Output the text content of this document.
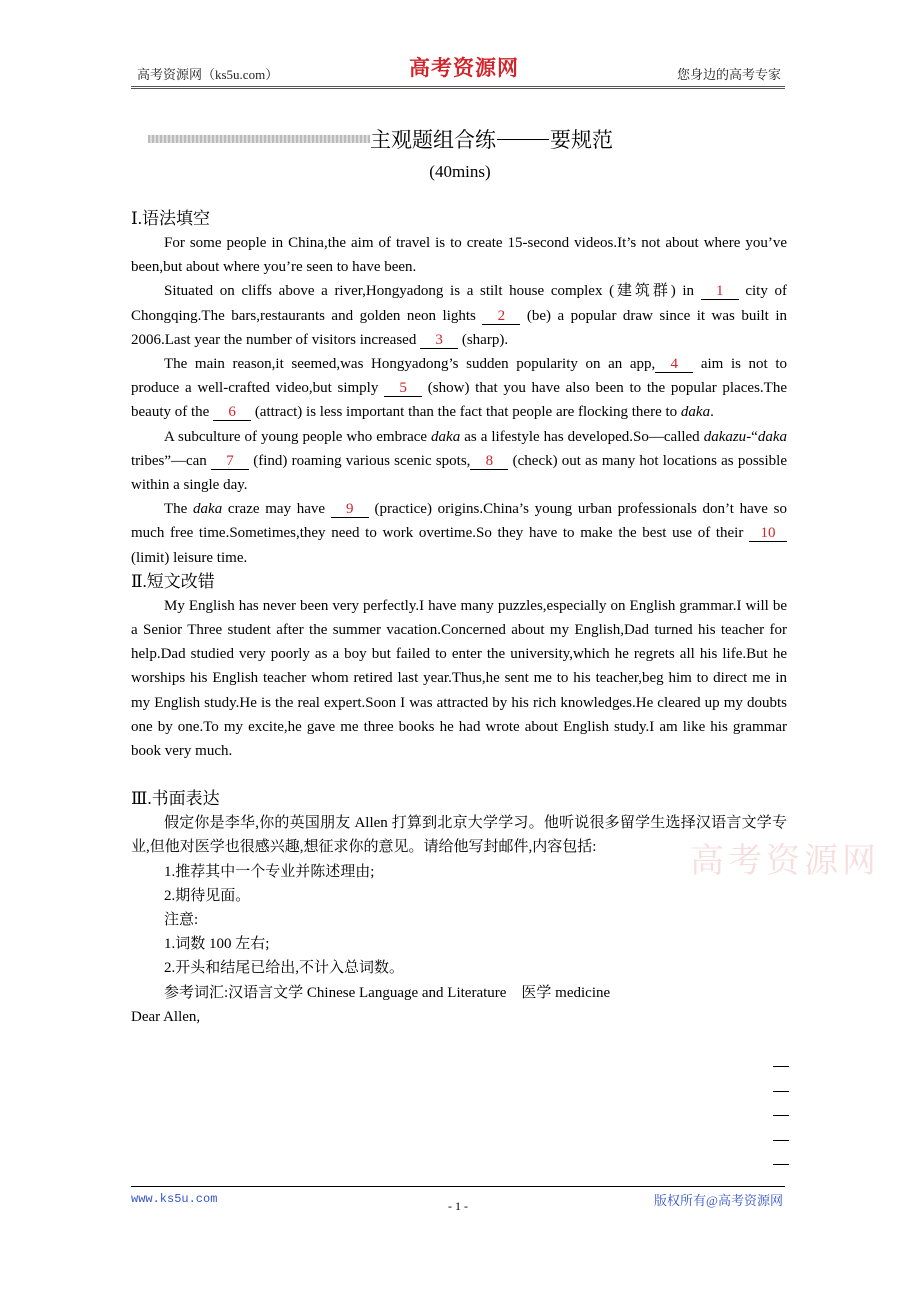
高考资源网（ks5u.com）	高考资源网	您身边的高考专家
主观题组合练	要规范
(40mins)
高考资源网
Ⅰ.语法填空

For some people in China,the aim of travel is to create 15-second videos.It’s not about where you’ve been,but about where you’re seen to have been.

Situated on cliffs above a river,Hongyadong is a stilt house complex (建筑群) in 1 city of Chongqing.The bars,restaurants and golden neon lights 2 (be) a popular draw since it was built in 2006.Last year the number of visitors increased 3 (sharp).

The main reason,it seemed,was Hongyadong’s sudden popularity on an app, 4 aim is not to produce a well-crafted video,but simply 5 (show) that you have also been to the popular places.The beauty of the 6 (attract) is less important than the fact that people are flocking there to daka.

A subculture of young people who embrace daka as a lifestyle has developed.So—called dakazu-“daka tribes”—can 7 (find) roaming various scenic spots, 8 (check) out as many hot locations as possible within a single day.

The daka craze may have 9 (practice) origins.China’s young urban professionals don’t have so much free time.Sometimes,they need to work overtime.So they have to make the best use of their 10 (limit) leisure time.

Ⅱ.短文改错

My English has never been very perfectly.I have many puzzles,especially on English grammar.I will be a Senior Three student after the summer vacation.Concerned about my English,Dad turned his teacher for help.Dad studied very poorly as a boy but failed to enter the university,which he regrets all his life.But he worships his English teacher whom retired last year.Thus,he sent me to his teacher,beg him to direct me in my English study.He is the real expert.Soon I was attracted by his rich knowledges.He cleared up my doubts one by one.To my excite,he gave me three books he had wrote about English study.I am like his grammar book very much.

Ⅲ.书面表达

假定你是李华,你的英国朋友 Allen 打算到北京大学学习。他听说很多留学生选择汉语言文学专业,但他对医学也很感兴趣,想征求你的意见。请给他写封邮件,内容包括:

1.推荐其中一个专业并陈述理由;

2.期待见面。

注意:

1.词数 100 左右;

2.开头和结尾已给出,不计入总词数。

参考词汇:汉语言文学 Chinese Language and Literature　医学 medicine

Dear Allen,
www.ks5u.com	- 1 -	版权所有@高考资源网
